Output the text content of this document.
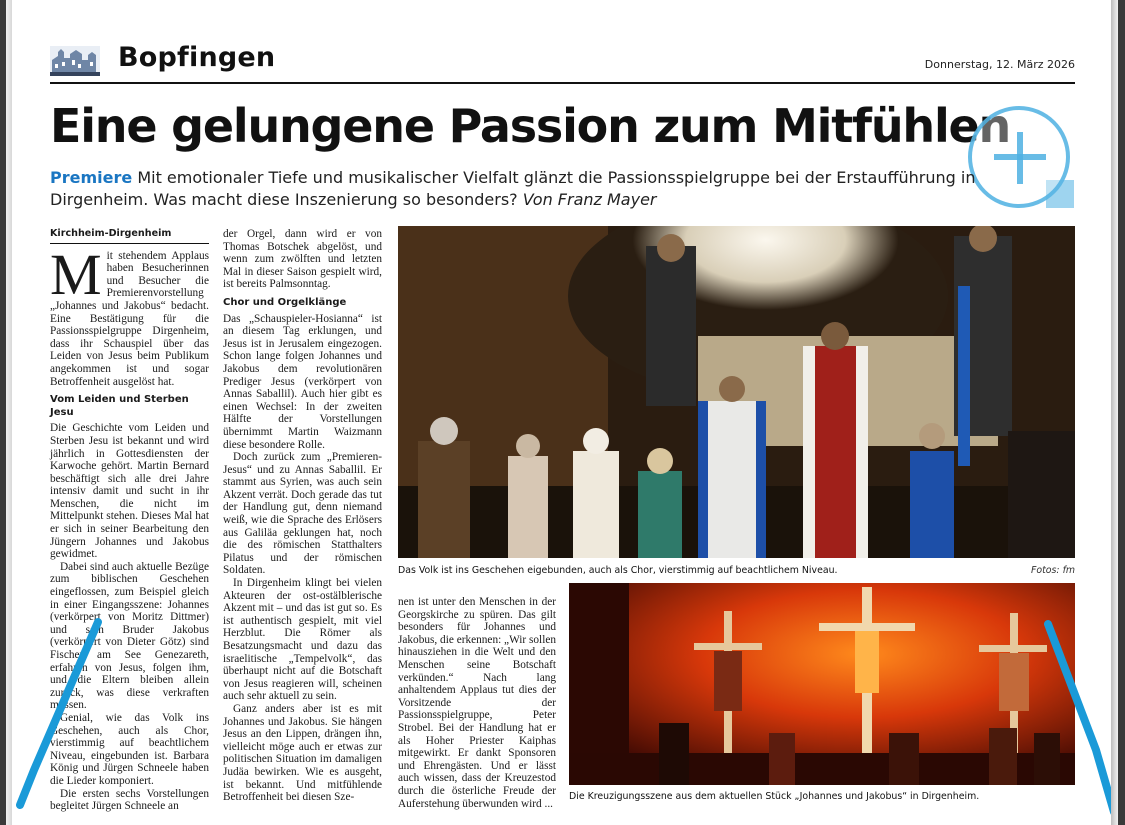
Bopfingen	Donnerstag, 12. März 2026
Eine gelungene Passion zum Mitfühlen
Premiere Mit emotionaler Tiefe und musikalischer Vielfalt glänzt die Passionsspielgruppe bei der Erstaufführung in Dirgenheim. Was macht diese Inszenierung so besonders? Von Franz Mayer
Kirchheim-Dirgenheim

Mit stehendem Applaus haben Besucherinnen und Besucher die Premierenvorstellung „Johannes und Jakobus“ bedacht. Eine Bestätigung für die Passionsspielgruppe Dirgenheim, dass ihr Schauspiel über das Leiden von Jesus beim Publikum angekommen ist und sogar Betroffenheit ausgelöst hat.

Vom Leiden und Sterben Jesu

Die Geschichte vom Leiden und Sterben Jesu ist bekannt und wird jährlich in Gottesdiensten der Karwoche gehört. Martin Bernard beschäftigt sich alle drei Jahre intensiv damit und sucht in ihr Menschen, die nicht im Mittelpunkt stehen. Dieses Mal hat er sich in seiner Bearbeitung den Jüngern Johannes und Jakobus gewidmet.

Dabei sind auch aktuelle Bezüge zum biblischen Geschehen eingeflossen, zum Beispiel gleich in einer Eingangsszene: Johannes (verkörpert von Moritz Dittmer) und sein Bruder Jakobus (verkörpert von Dieter Götz) sind Fischer am See Genezareth, erfahren von Jesus, folgen ihm, und die Eltern bleiben allein zurück, was diese verkraften müssen.

Genial, wie das Volk ins Geschehen, auch als Chor, vierstimmig auf beachtlichem Niveau, eingebunden ist. Barbara König und Jürgen Schneele haben die Lieder komponiert.

Die ersten sechs Vorstellungen begleitet Jürgen Schneele an

der Orgel, dann wird er von Thomas Botschek abgelöst, und wenn zum zwölften und letzten Mal in dieser Saison gespielt wird, ist bereits Palmsonntag.

Chor und Orgelklänge

Das „Schauspieler-Hosianna“ ist an diesem Tag erklungen, und Jesus ist in Jerusalem eingezogen. Schon lange folgen Johannes und Jakobus dem revolutionären Prediger Jesus (verkörpert von Annas Saballil). Auch hier gibt es einen Wechsel: In der zweiten Hälfte der Vorstellungen übernimmt Martin Waizmann diese besondere Rolle.

Doch zurück zum „Premieren-Jesus“ und zu Annas Saballil. Er stammt aus Syrien, was auch sein Akzent verrät. Doch gerade das tut der Handlung gut, denn niemand weiß, wie die Sprache des Erlösers aus Galiläa geklungen hat, noch die des römischen Statthalters Pilatus und der römischen Soldaten.

In Dirgenheim klingt bei vielen Akteuren der ost-ostälblerische Akzent mit – und das ist gut so. Es ist authentisch gespielt, mit viel Herzblut. Die Römer als Besatzungsmacht und dazu das israelitische „Tempelvolk“, das überhaupt nicht auf die Botschaft von Jesus reagieren will, scheinen auch sehr aktuell zu sein.

Ganz anders aber ist es mit Johannes und Jakobus. Sie hängen Jesus an den Lippen, drängen ihn, vielleicht möge auch er etwas zur politischen Situation im damaligen Judäa bewirken. Wie es ausgeht, ist bekannt. Und mitfühlende Betroffenheit bei diesen Sze-

Das Volk ist ins Geschehen eigebunden, auch als Chor, vierstimmig auf beachtlichem Niveau.	Fotos: fm

nen ist unter den Menschen in der Georgskirche zu spüren. Das gilt besonders für Johannes und Jakobus, die erkennen: „Wir sollen hinausziehen in die Welt und den Menschen seine Botschaft verkünden.“ Nach lang anhaltendem Applaus tut dies der Vorsitzende der Passionsspielgruppe, Peter Strobel. Bei der Handlung hat er als Hoher Priester Kaiphas mitgewirkt. Er dankt Sponsoren und Ehrengästen. Und er lässt auch wissen, dass der Kreuzestod durch die österliche Freude der Auferstehung überwunden wird ...

Die Kreuzigungsszene aus dem aktuellen Stück „Johannes und Jakobus“ in Dirgenheim.
